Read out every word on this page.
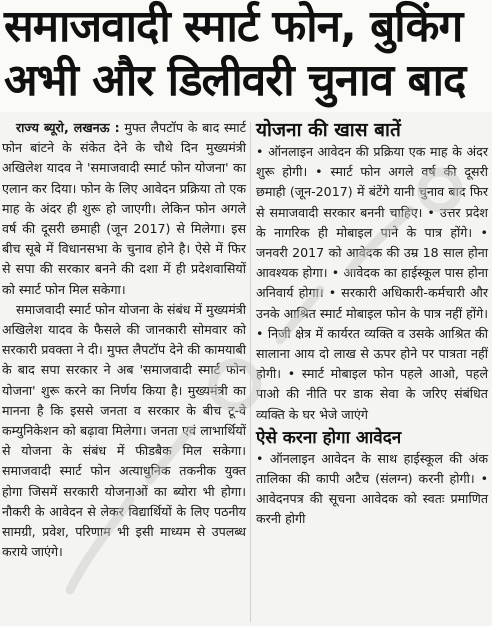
समाजवादी स्मार्ट फोन, बुकिंग
अभी और डिलीवरी चुनाव बाद

राज्य ब्यूरो, लखनऊ : मुफ्त लैपटॉप के बाद स्मार्ट फोन बांटने के संकेत देने के चौथे दिन मुख्यमंत्री अखिलेश यादव ने 'समाजवादी स्मार्ट फोन योजना' का एलान कर दिया। फोन के लिए आवेदन प्रक्रिया तो एक माह के अंदर ही शुरू हो जाएगी। लेकिन फोन अगले वर्ष की दूसरी छमाही (जून 2017) से मिलेगा। इस बीच सूबे में विधानसभा के चुनाव होने है। ऐसे में फिर से सपा की सरकार बनने की दशा में ही प्रदेशवासियों को स्मार्ट फोन मिल सकेगा।

समाजवादी स्मार्ट फोन योजना के संबंध में मुख्यमंत्री अखिलेश यादव के फैसले की जानकारी सोमवार को सरकारी प्रवक्ता ने दी। मुफ्त लैपटॉप देने की कामयाबी के बाद सपा सरकार ने अब 'समाजवादी स्मार्ट फोन योजना' शुरू करने का निर्णय किया है। मुख्यमंत्री का मानना है कि इससे जनता व सरकार के बीच टू-वे कम्युनिकेशन को बढ़ावा मिलेगा। जनता एवं लाभार्थियों से योजना के संबंध में फीडबैक मिल सकेगा। समाजवादी स्मार्ट फोन अत्याधुनिक तकनीक युक्त होगा जिसमें सरकारी योजनाओं का ब्योरा भी होगा। नौकरी के आवेदन से लेकर विद्यार्थियों के लिए पठनीय सामग्री, प्रवेश, परिणाम भी इसी माध्यम से उपलब्ध कराये जाएंगे।

योजना की खास बातें

• ऑनलाइन आवेदन की प्रक्रिया एक माह के अंदर शुरू होगी। • स्मार्ट फोन अगले वर्ष की दूसरी छमाही (जून-2017) में बंटेंगे यानी चुनाव बाद फिर से समाजवादी सरकार बननी चाहिए। • उत्तर प्रदेश के नागरिक ही मोबाइल पाने के पात्र होंगे। • जनवरी 2017 को आवेदक की उम्र 18 साल होना आवश्यक होगा। • आवेदक का हाईस्कूल पास होना अनिवार्य होगा। • सरकारी अधिकारी-कर्मचारी और उनके आश्रित स्मार्ट मोबाइल फोन के पात्र नहीं होंगे। • निजी क्षेत्र में कार्यरत व्यक्ति व उसके आश्रित की सालाना आय दो लाख से ऊपर होने पर पात्रता नहीं होगी। • स्मार्ट मोबाइल फोन पहले आओ, पहले पाओ की नीति पर डाक सेवा के जरिए संबंधित व्यक्ति के घर भेजे जाएंगे

ऐसे करना होगा आवेदन

• ऑनलाइन आवेदन के साथ हाईस्कूल की अंक तालिका की कापी अटैच (संलग्न) करनी होगी। • आवेदनपत्र की सूचना आवेदक को स्वतः प्रमाणित करनी होगी
